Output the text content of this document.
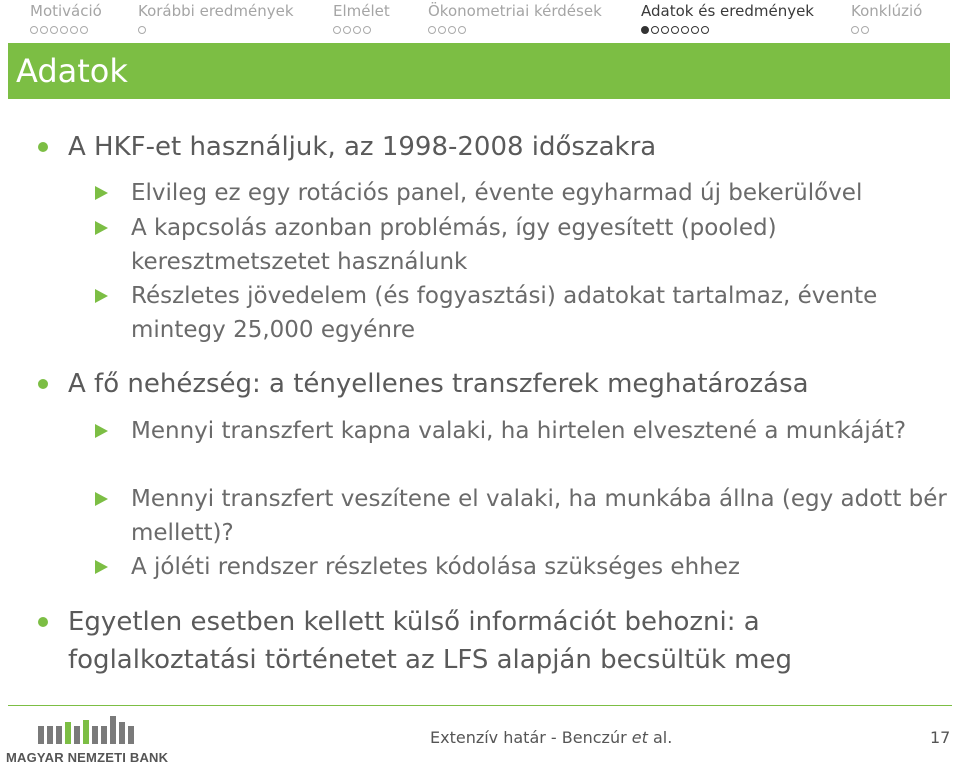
Motiváció Korábbi eredmények	Elmélet	Ökonometriai kérdések	Adatok és eredmények Konklúzió
Adatok
A HKF-et használjuk, az 1998-2008 időszakra
Elvileg ez egy rotációs panel, évente egyharmad új bekerülővel
A kapcsolás azonban problémás, így egyesített (pooled) keresztmetszetet használunk
Részletes jövedelem (és fogyasztási) adatokat tartalmaz, évente mintegy 25,000 egyénre
A fő nehézség: a tényellenes transzferek meghatározása
Mennyi transzfert kapna valaki, ha hirtelen elvesztené a munkáját?
Mennyi transzfert veszítene el valaki, ha munkába állna (egy adott bér mellett)?
A jóléti rendszer részletes kódolása szükséges ehhez
Egyetlen esetben kellett külső információt behozni: a foglalkoztatási történetet az LFS alapján becsültük meg
MAGYAR NEMZETI BANK
Extenzív határ - Benczúr et al.	17
